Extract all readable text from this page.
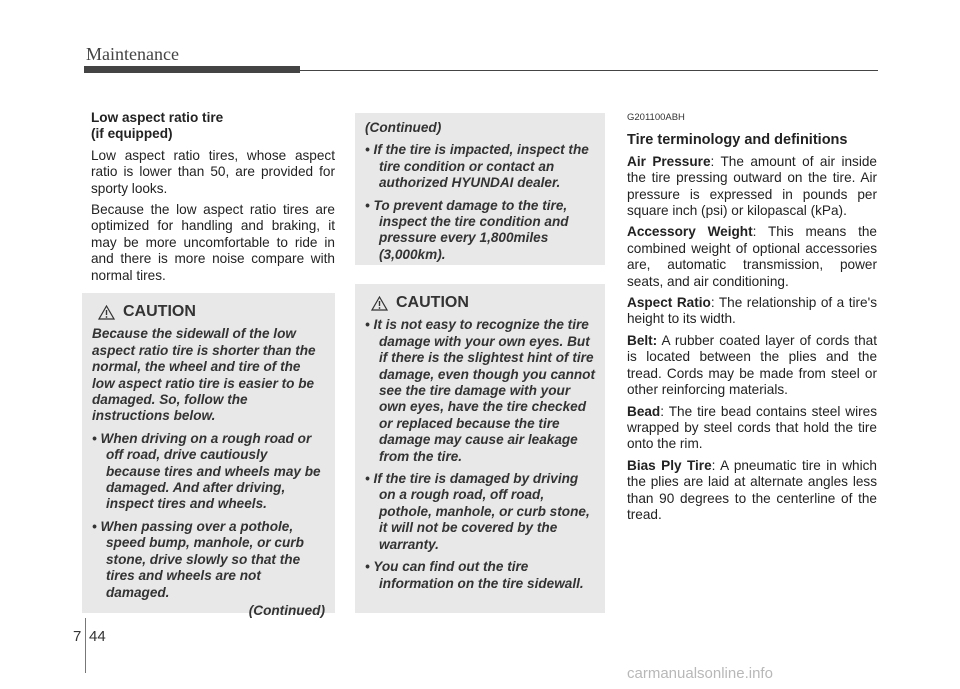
Maintenance

Low aspect ratio tire

(if equipped)

Low aspect ratio tires, whose aspect ratio is lower than 50, are provided for sporty looks.

Because the low aspect ratio tires are optimized for handling and braking, it may be more uncomfortable to ride in and there is more noise compare with normal tires.

CAUTION

Because the sidewall of the low aspect ratio tire is shorter than the normal, the wheel and tire of the low aspect ratio tire is easier to be damaged. So, follow the instructions below.

• When driving on a rough road or off road, drive cautiously because tires and wheels may be damaged. And after driving, inspect tires and wheels.

• When passing over a pothole, speed bump, manhole, or curb stone, drive slowly so that the tires and wheels are not damaged.

(Continued)

(Continued)

• If the tire is impacted, inspect the tire condition or contact an authorized HYUNDAI dealer.

• To prevent damage to the tire, inspect the tire condition and pressure every 1,800miles (3,000km).

CAUTION

• It is not easy to recognize the tire damage with your own eyes. But if there is the slightest hint of tire damage, even though you cannot see the tire damage with your own eyes, have the tire checked or replaced because the tire damage may cause air leakage from the tire.

• If the tire is damaged by driving on a rough road, off road, pothole, manhole, or curb stone, it will not be covered by the warranty.

• You can find out the tire information on the tire sidewall.

G201100ABH

Tire terminology and definitions

Air Pressure: The amount of air inside the tire pressing outward on the tire. Air pressure is expressed in pounds per square inch (psi) or kilopascal (kPa).

Accessory Weight: This means the combined weight of optional accessories are, automatic transmission, power seats, and air conditioning.

Aspect Ratio: The relationship of a tire's height to its width.

Belt: A rubber coated layer of cords that is located between the plies and the tread. Cords may be made from steel or other reinforcing materials.

Bead: The tire bead contains steel wires wrapped by steel cords that hold the tire onto the rim.

Bias Ply Tire: A pneumatic tire in which the plies are laid at alternate angles less than 90 degrees to the centerline of the tread.

7 44
carmanualsonline.info
